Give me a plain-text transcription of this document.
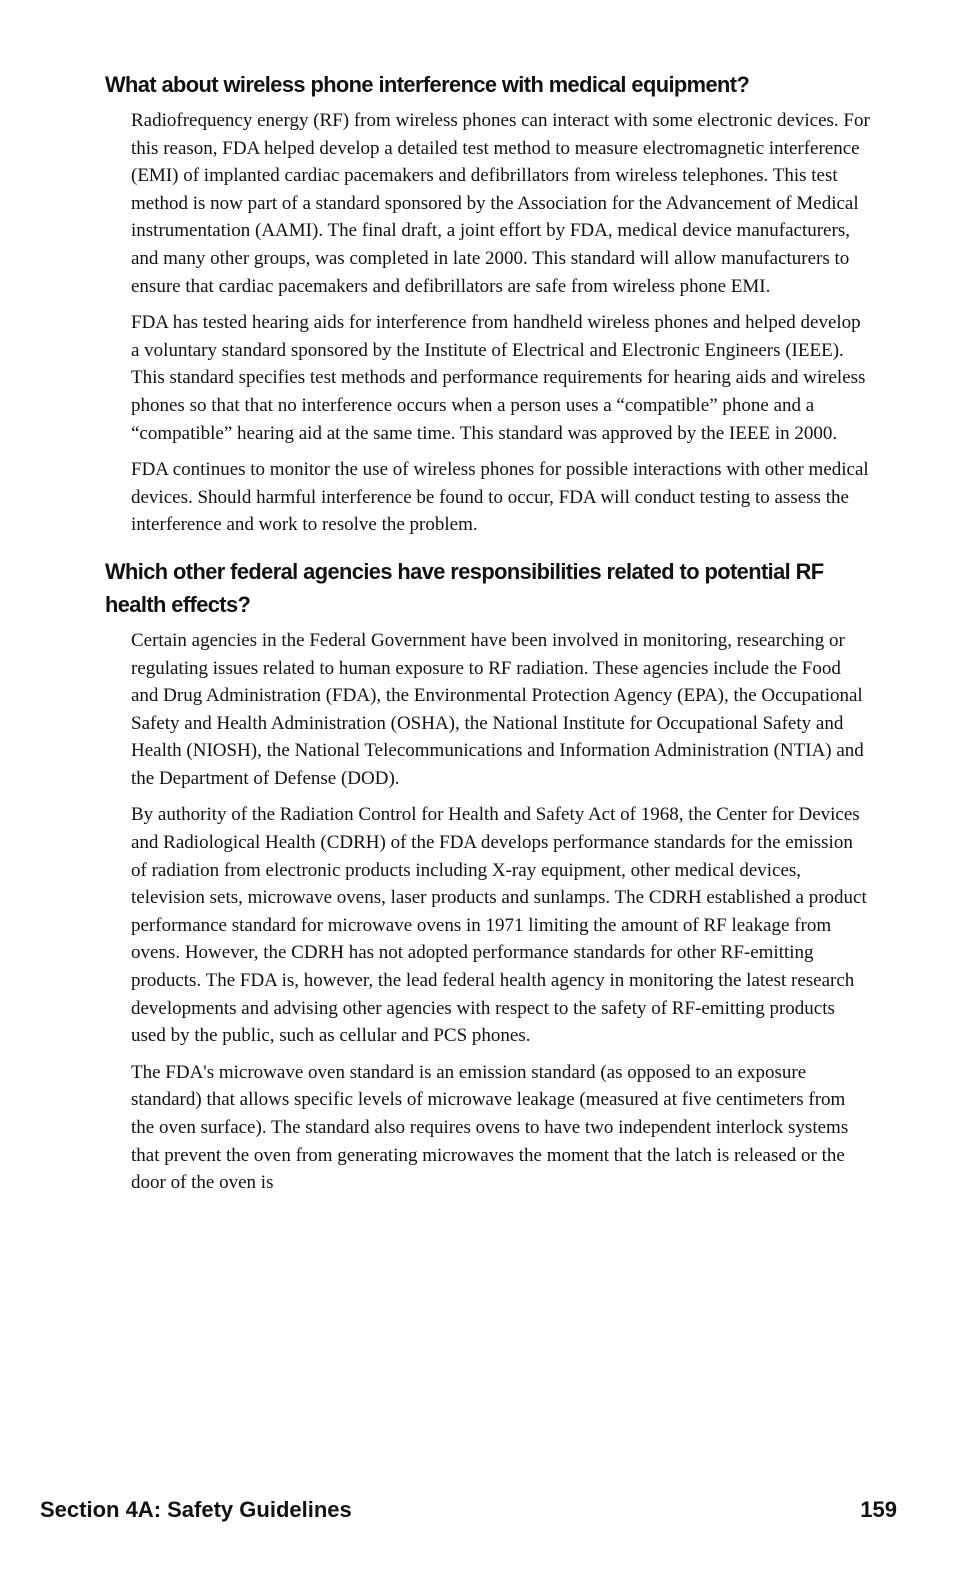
What about wireless phone interference with medical equipment?

Radiofrequency energy (RF) from wireless phones can interact with some electronic devices. For this reason, FDA helped develop a detailed test method to measure electromagnetic interference (EMI) of implanted cardiac pacemakers and defibrillators from wireless telephones. This test method is now part of a standard sponsored by the Association for the Advancement of Medical instrumentation (AAMI). The final draft, a joint effort by FDA, medical device manufacturers, and many other groups, was completed in late 2000. This standard will allow manufacturers to ensure that cardiac pacemakers and defibrillators are safe from wireless phone EMI.

FDA has tested hearing aids for interference from handheld wireless phones and helped develop a voluntary standard sponsored by the Institute of Electrical and Electronic Engineers (IEEE). This standard specifies test methods and performance requirements for hearing aids and wireless phones so that that no interference occurs when a person uses a “compatible” phone and a “compatible” hearing aid at the same time. This standard was approved by the IEEE in 2000.

FDA continues to monitor the use of wireless phones for possible interactions with other medical devices. Should harmful interference be found to occur, FDA will conduct testing to assess the interference and work to resolve the problem.

Which other federal agencies have responsibilities related to potential RF health effects?

Certain agencies in the Federal Government have been involved in monitoring, researching or regulating issues related to human exposure to RF radiation. These agencies include the Food and Drug Administration (FDA), the Environmental Protection Agency (EPA), the Occupational Safety and Health Administration (OSHA), the National Institute for Occupational Safety and Health (NIOSH), the National Telecommunications and Information Administration (NTIA) and the Department of Defense (DOD).

By authority of the Radiation Control for Health and Safety Act of 1968, the Center for Devices and Radiological Health (CDRH) of the FDA develops performance standards for the emission of radiation from electronic products including X-ray equipment, other medical devices, television sets, microwave ovens, laser products and sunlamps. The CDRH established a product performance standard for microwave ovens in 1971 limiting the amount of RF leakage from ovens. However, the CDRH has not adopted performance standards for other RF-emitting products. The FDA is, however, the lead federal health agency in monitoring the latest research developments and advising other agencies with respect to the safety of RF-emitting products used by the public, such as cellular and PCS phones.

The FDA's microwave oven standard is an emission standard (as opposed to an exposure standard) that allows specific levels of microwave leakage (measured at five centimeters from the oven surface). The standard also requires ovens to have two independent interlock systems that prevent the oven from generating microwaves the moment that the latch is released or the door of the oven is

Section 4A: Safety Guidelines	159
